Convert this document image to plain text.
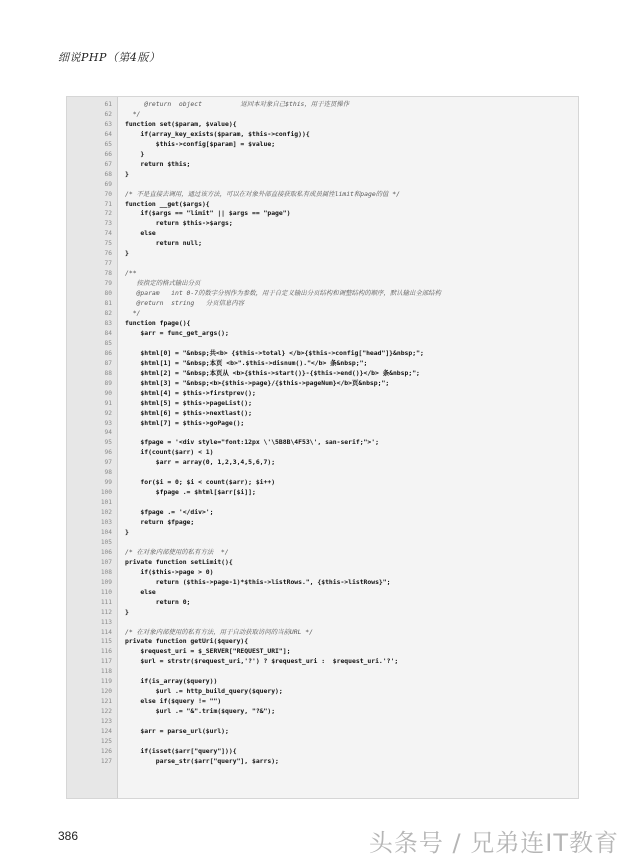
细说PHP（第4版）
61 @return  object          返回本对象自己$this，用于连贯操作
62 */
63 function set($param, $value){
64 if(array_key_exists($param, $this->config)){
65 $this->config[$param] = $value;
66 }
67 return $this;
68 }
69
70 /* 不是直接去调用，通过该方法，可以在对象外部直接获取私有成员属性limit和page的值 */
71 function __get($args){
72 if($args == "limit" || $args == "page")
73 return $this->$args;
74 else
75 return null;
76 }
77
78 /**
79 按指定的格式输出分页
80 @param   int 0-7的数字分别作为参数，用于自定义输出分页结构和调整结构的顺序，默认输出全部结构
81 @return  string   分页信息内容
82 */
83 function fpage(){
84 $arr = func_get_args();
85
86 $html[0] = "&nbsp;共<b> {$this->total} </b>{$this->config["head"]}&nbsp;";
87 $html[1] = "&nbsp;本页 <b>".$this->disnum()."</b> 条&nbsp;";
88 $html[2] = "&nbsp;本页从 <b>{$this->start()}-{$this->end()}</b> 条&nbsp;";
89 $html[3] = "&nbsp;<b>{$this->page}/{$this->pageNum}</b>页&nbsp;";
90 $html[4] = $this->firstprev();
91 $html[5] = $this->pageList();
92 $html[6] = $this->nextlast();
93 $html[7] = $this->goPage();
94
95 $fpage = '<div style="font:12px \'\5B8B\4F53\', san-serif;">';
96 if(count($arr) < 1)
97 $arr = array(0, 1,2,3,4,5,6,7);
98
99 for($i = 0; $i < count($arr); $i++)
100 $fpage .= $html[$arr[$i]];
101
102 $fpage .= '</div>';
103 return $fpage;
104 }
105
106 /* 在对象内部使用的私有方法  */
107 private function setLimit(){
108 if($this->page > 0)
109 return ($this->page-1)*$this->listRows.", {$this->listRows}";
110 else
111 return 0;
112 }
113
114 /* 在对象内部使用的私有方法，用于自动获取访问的当前URL */
115 private function getUri($query){
116 $request_uri = $_SERVER["REQUEST_URI"];
117 $url = strstr($request_uri,'?') ? $request_uri :  $request_uri.'?';
118
119 if(is_array($query))
120 $url .= http_build_query($query);
121 else if($query != "")
122 $url .= "&".trim($query, "?&");
123
124 $arr = parse_url($url);
125
126 if(isset($arr["query"])){
127 parse_str($arr["query"], $arrs);
386	头条号 / 兄弟连IT教育
